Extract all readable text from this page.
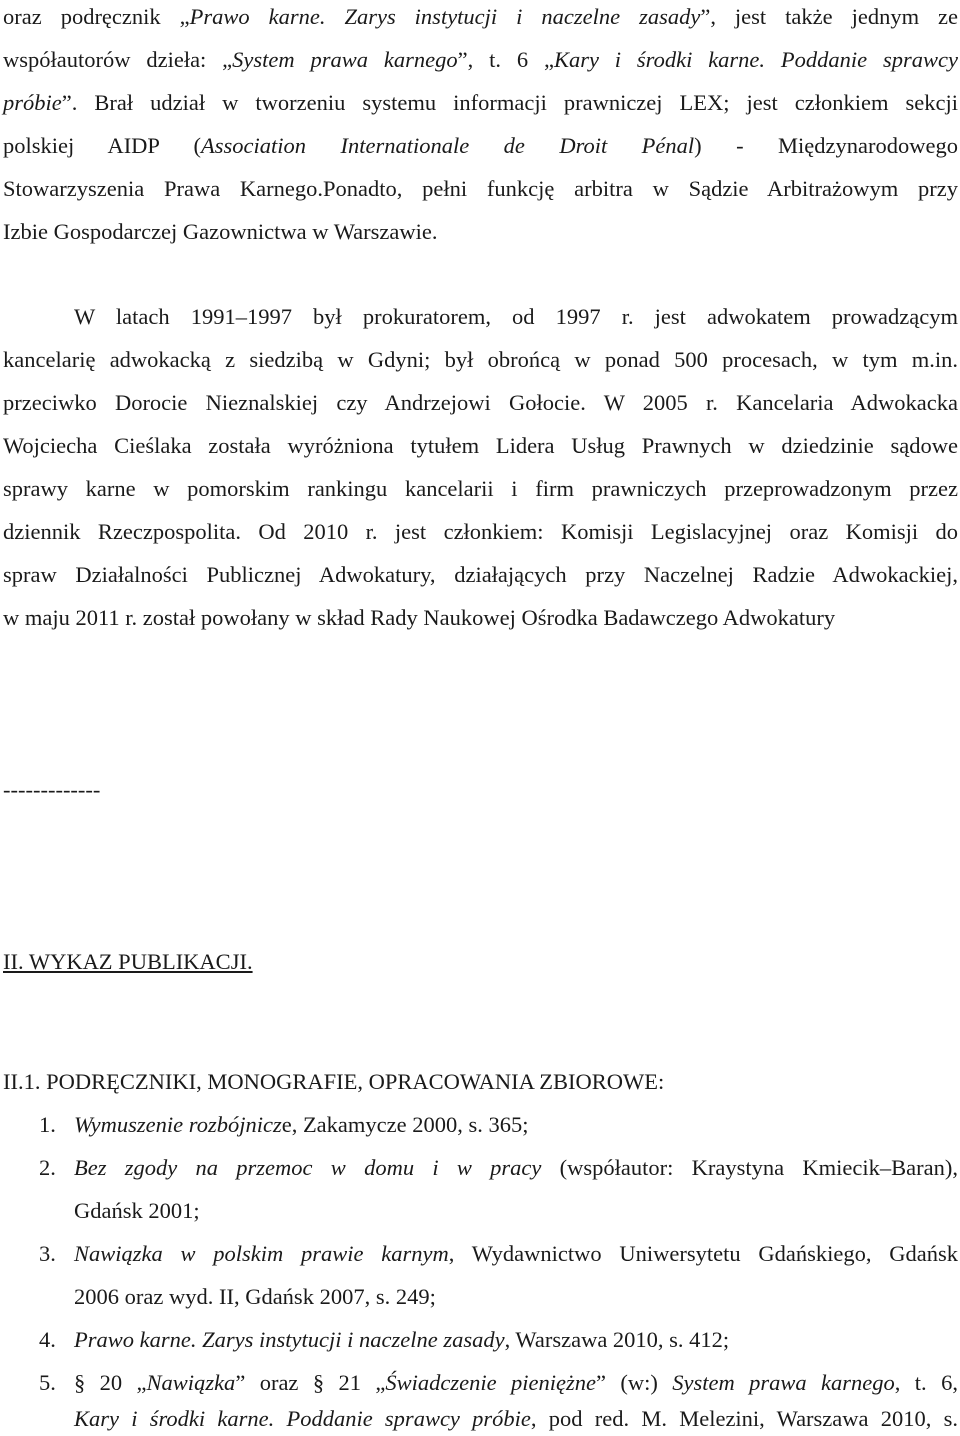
oraz podręcznik „Prawo karne. Zarys instytucji i naczelne zasady”, jest także jednym ze
współautorów dzieła: „System prawa karnego”, t. 6 „Kary i środki karne. Poddanie sprawcy
próbie”. Brał udział w tworzeniu systemu informacji prawniczej LEX; jest członkiem sekcji
polskiej AIDP (Association Internationale de Droit Pénal) - Międzynarodowego
Stowarzyszenia Prawa Karnego.Ponadto, pełni funkcję arbitra w Sądzie Arbitrażowym przy
Izbie Gospodarczej Gazownictwa w Warszawie.
W latach 1991–1997 był prokuratorem, od 1997 r. jest adwokatem prowadzącym
kancelarię adwokacką z siedzibą w Gdyni; był obrońcą w ponad 500 procesach, w tym m.in.
przeciwko Dorocie Nieznalskiej czy Andrzejowi Gołocie. W 2005 r. Kancelaria Adwokacka
Wojciecha Cieślaka została wyróżniona tytułem Lidera Usług Prawnych w dziedzinie sądowe
sprawy karne w pomorskim rankingu kancelarii i firm prawniczych przeprowadzonym przez
dziennik Rzeczpospolita. Od 2010 r. jest członkiem: Komisji Legislacyjnej oraz Komisji do
spraw Działalności Publicznej Adwokatury, działających przy Naczelnej Radzie Adwokackiej,
w maju 2011 r. został powołany w skład Rady Naukowej Ośrodka Badawczego Adwokatury
-------------
II. WYKAZ PUBLIKACJI.
II.1. PODRĘCZNIKI, MONOGRAFIE, OPRACOWANIA ZBIOROWE:
1. Wymuszenie rozbójnicze, Zakamycze 2000, s. 365;
2. Bez zgody na przemoc w domu i w pracy (współautor: Kraystyna Kmiecik–Baran),
Gdańsk 2001;
3. Nawiązka w polskim prawie karnym, Wydawnictwo Uniwersytetu Gdańskiego, Gdańsk
2006 oraz wyd. II, Gdańsk 2007, s. 249;
4. Prawo karne. Zarys instytucji i naczelne zasady, Warszawa 2010, s. 412;
5. § 20 „Nawiązka” oraz § 21 „Świadczenie pieniężne” (w:) System prawa karnego, t. 6,
Kary i środki karne. Poddanie sprawcy próbie, pod red. M. Melezini, Warszawa 2010, s.
